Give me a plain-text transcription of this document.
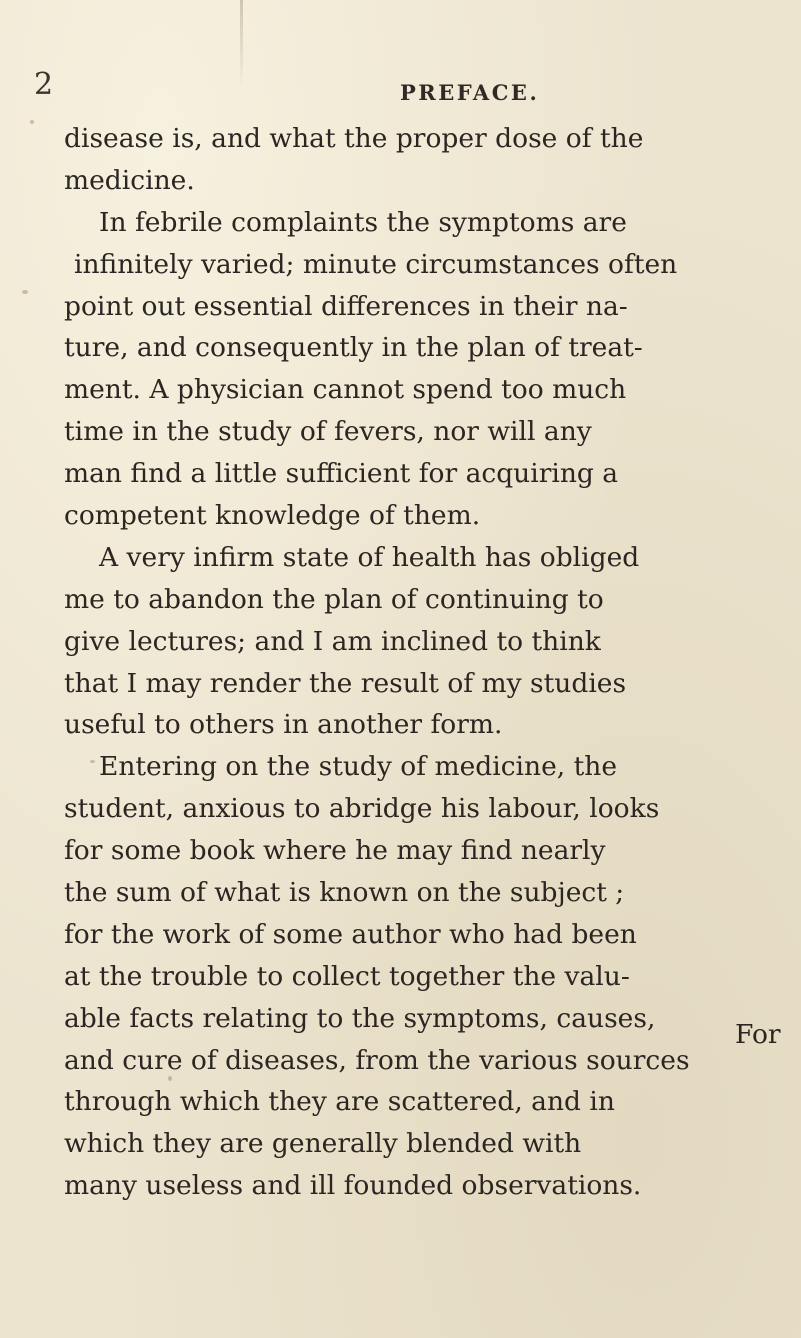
2	PREFACE.
disease is, and what the proper dose of the
medicine.
In febrile complaints the symptoms are
infinitely varied; minute circumstances often
point out essential differences in their na-
ture, and consequently in the plan of treat-
ment. A physician cannot spend too much
time in the study of fevers, nor will any
man find a little sufficient for acquiring a
competent knowledge of them.
A very infirm state of health has obliged
me to abandon the plan of continuing to
give lectures; and I am inclined to think
that I may render the result of my studies
useful to others in another form.
Entering on the study of medicine, the
student, anxious to abridge his labour, looks
for some book where he may find nearly
the sum of what is known on the subject ;
for the work of some author who had been
at the trouble to collect together the valu-
able facts relating to the symptoms, causes,
and cure of diseases, from the various sources
through which they are scattered, and in
which they are generally blended with
many useless and ill founded observations.
For
